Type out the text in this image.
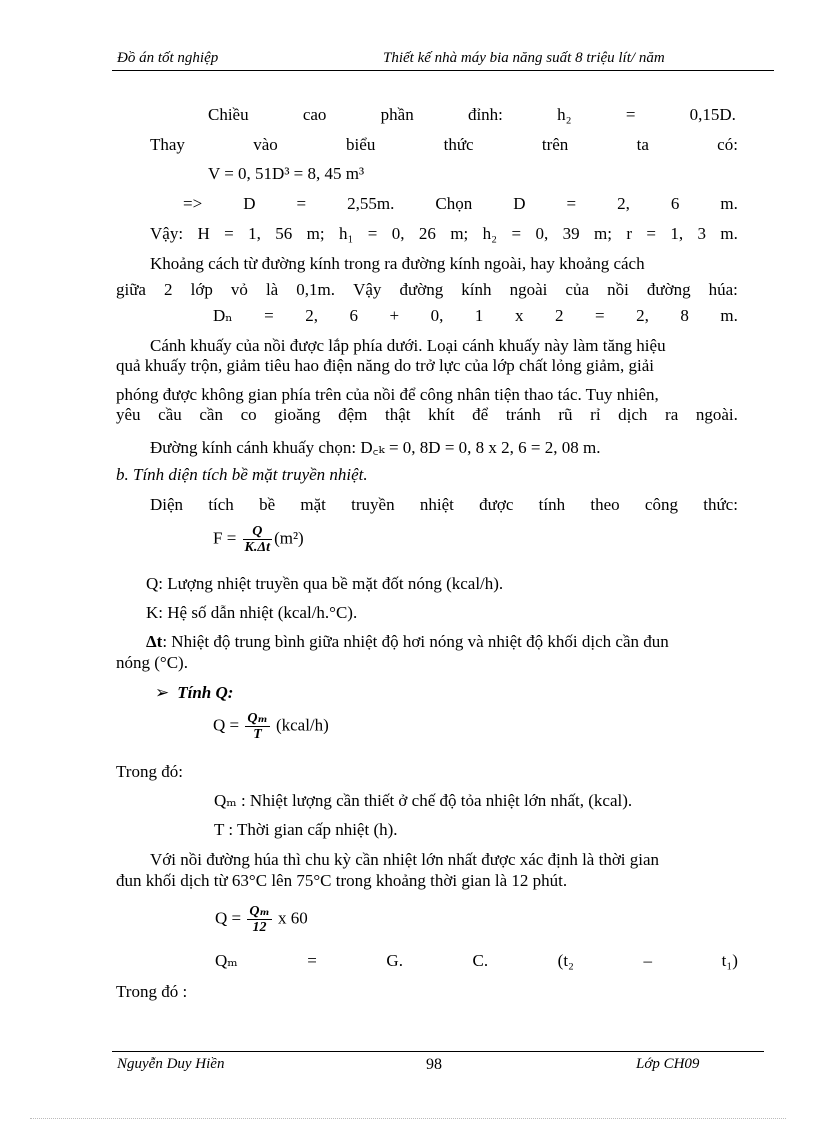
Đồ án tốt nghiệp	Thiết kế nhà máy bia năng suất 8 triệu lít/ năm
Chiều	cao	phần	đỉnh:	h₂	=	0,15D.
Thay	vào	biểu	thức	trên	ta	có:
V = 0, 51D³ = 8, 45 m³
=> D = 2,55m. Chọn D = 2, 6 m.
Vậy: H = 1, 56 m; h₁ = 0, 26 m; h₂ = 0, 39 m; r = 1, 3 m.
Khoảng cách từ đường kính trong ra đường kính ngoài, hay khoảng cách
giữa 2 lớp vỏ là 0,1m. Vậy đường kính ngoài của nồi đường húa:
Dₙ = 2, 6 + 0, 1 x 2 = 2, 8 m.
Cánh khuấy của nồi được lắp phía dưới. Loại cánh khuấy này làm tăng hiệu
quả khuấy trộn, giảm tiêu hao điện năng do trở lực của lớp chất lỏng giảm, giải
phóng được không gian phía trên của nồi để công nhân tiện thao tác. Tuy nhiên,
yêu cầu cần co gioăng đệm thật khít để tránh rũ rỉ dịch ra ngoài.
Đường kính cánh khuấy chọn: D꜀ₖ = 0, 8D = 0, 8 x 2, 6 = 2, 08 m.
b. Tính diện tích bề mặt truyền nhiệt.
Diện tích bề mặt truyền nhiệt được tính theo công thức:
$F = \frac{Q}{K.\Delta t} (m^2)$
Q: Lượng nhiệt truyền qua bề mặt đốt nóng (kcal/h).
K: Hệ số dẫn nhiệt (kcal/h.°C).
Δt: Nhiệt độ trung bình giữa nhiệt độ hơi nóng và nhiệt độ khối dịch cần đun
nóng (°C).
➢ Tính Q:
$Q = \frac{\text{Qₘ}}{T}$ (kcal/h)
Trong đó:
Qₘ : Nhiệt lượng cần thiết ở chế độ tỏa nhiệt lớn nhất, (kcal).
T : Thời gian cấp nhiệt (h).
Với nồi đường húa thì chu kỳ cần nhiệt lớn nhất được xác định là thời gian
đun khối dịch từ 63°C lên 75°C trong khoảng thời gian là 12 phút.
$Q = \frac{\text{Qₘ}}{12}$ x 60
Qₘ	=	G.	C.	(t₂	–	t₁)
Trong đó :
Nguyễn Duy Hiền	98	Lớp CH09
